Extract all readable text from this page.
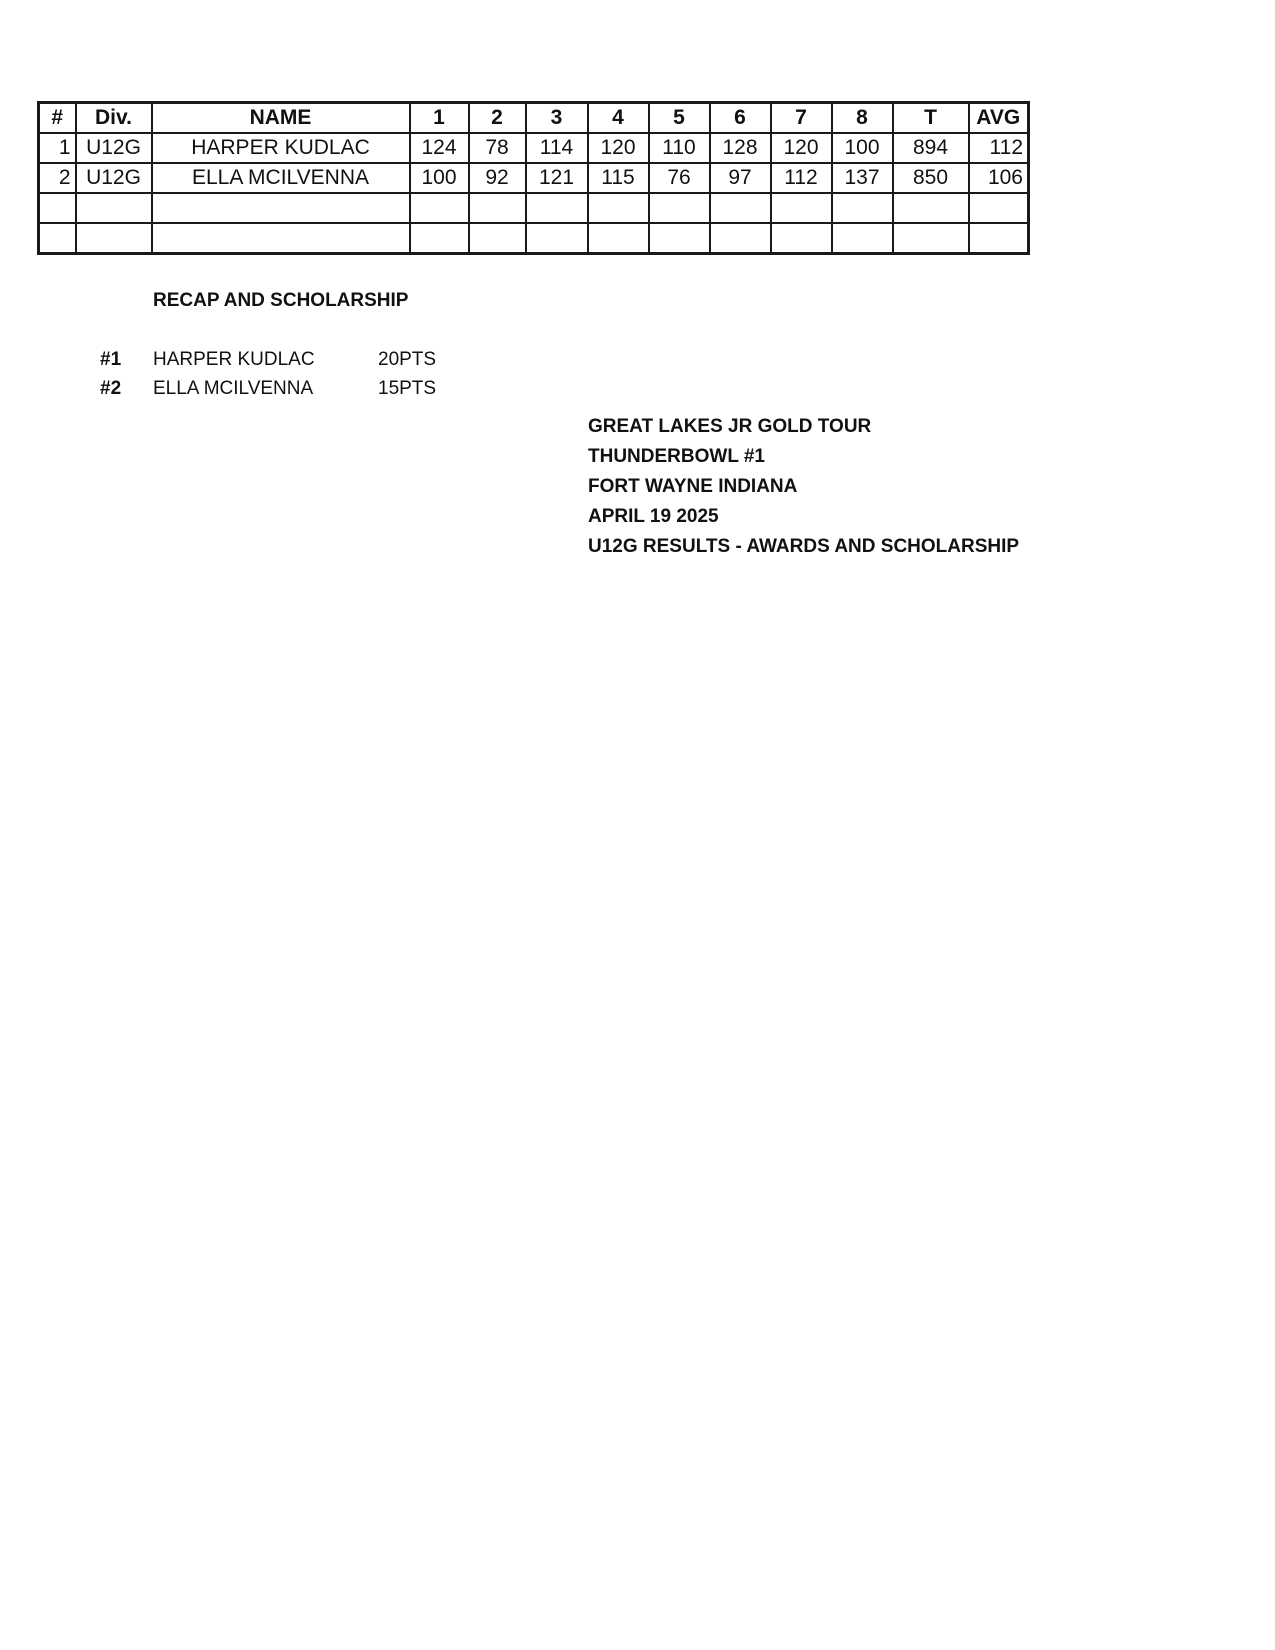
#	Div.	NAME	1	2	3	4	5	6	7	8	T	AVG
1	U12G	HARPER KUDLAC	124	78	114	120	110	128	120	100	894	112
2	U12G	ELLA MCILVENNA	100	92	121	115	76	97	112	137	850	106

RECAP AND SCHOLARSHIP
#1 HARPER KUDLAC	20PTS
#2 ELLA MCILVENNA	15PTS
GREAT LAKES JR GOLD TOUR
THUNDERBOWL #1
FORT WAYNE INDIANA
APRIL 19 2025
U12G RESULTS - AWARDS AND SCHOLARSHIP
